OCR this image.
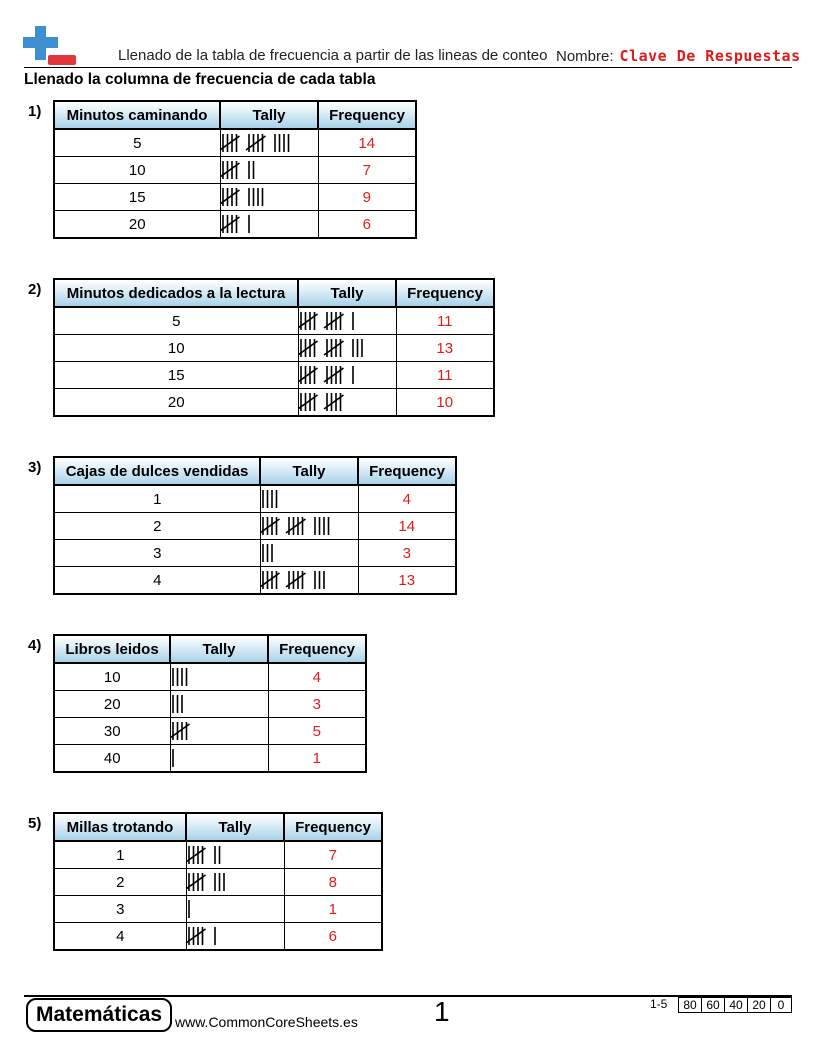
Llenado de la tabla de frecuencia a partir de las lineas de conteo Nombre: Clave De Respuestas
Llenado la columna de frecuencia de cada tabla
1) Minutos caminando	Tally	Frequency
5		14
10		7
15		9
20		6
2) Minutos dedicados a la lectura	Tally	Frequency
5		11
10		13
15		11
20		10
3) Cajas de dulces vendidas	Tally	Frequency
1		4
2		14
3		3
4		13
4) Libros leidos	Tally	Frequency
10		4
20		3
30		5
40		1
5) Millas trotando	Tally	Frequency
1		7
2		8
3		1
4		6
Matemáticas www.CommonCoreSheets.es	1	1-5	80 60 40 20 0
